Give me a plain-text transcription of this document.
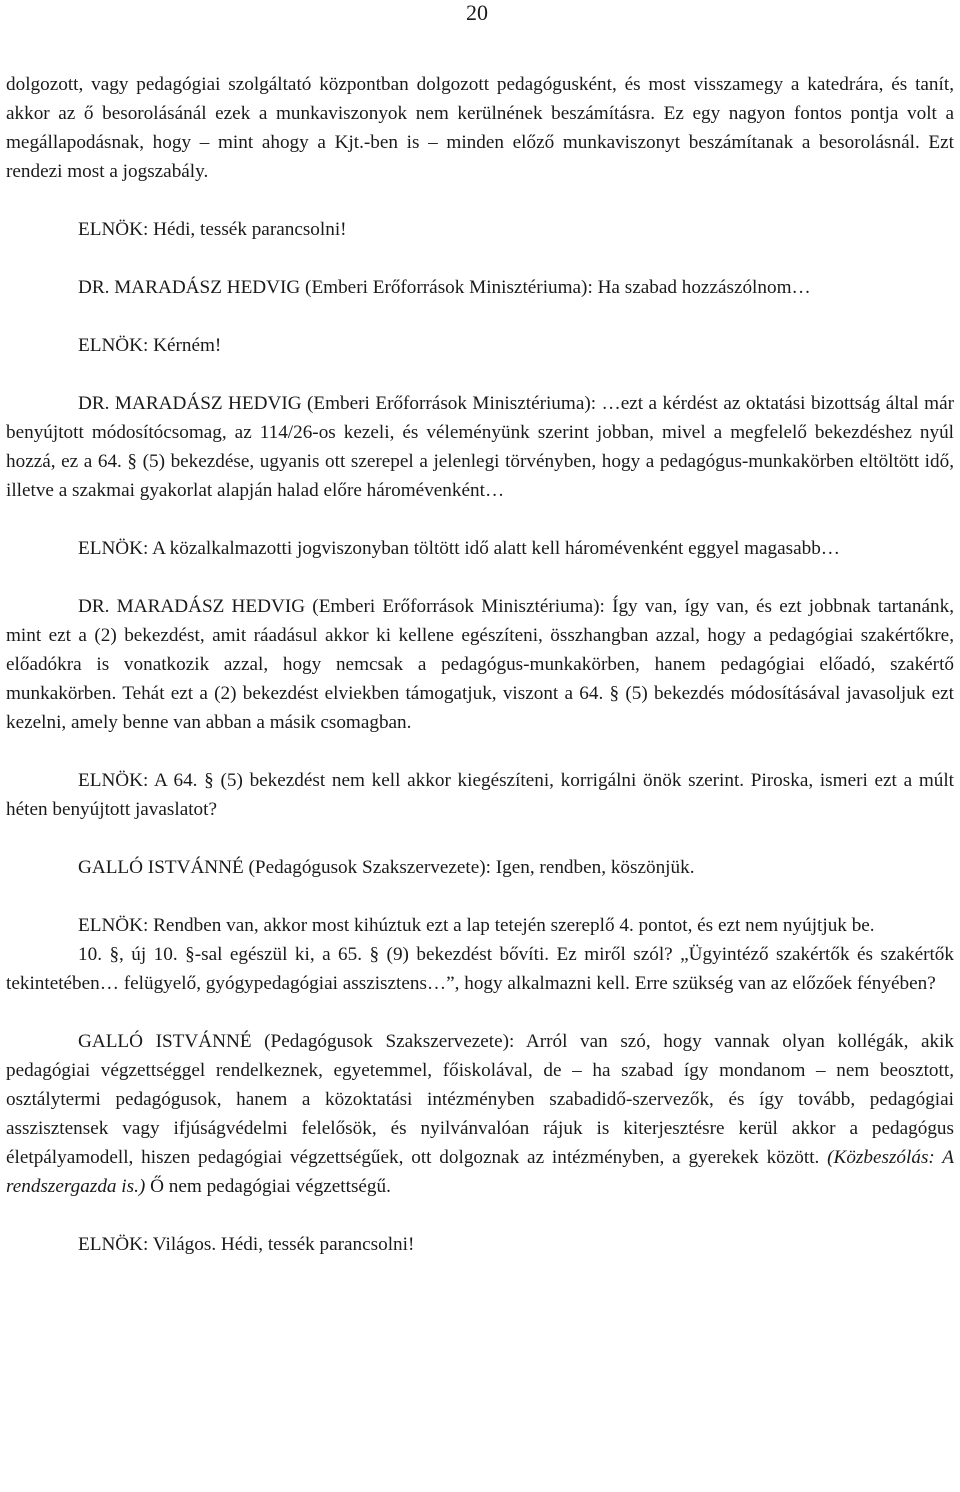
20

dolgozott, vagy pedagógiai szolgáltató központban dolgozott pedagógusként, és most visszamegy a katedrára, és tanít, akkor az ő besorolásánál ezek a munkaviszonyok nem kerülnének beszámításra. Ez egy nagyon fontos pontja volt a megállapodásnak, hogy – mint ahogy a Kjt.-ben is – minden előző munkaviszonyt beszámítanak a besorolásnál. Ezt rendezi most a jogszabály.

ELNÖK: Hédi, tessék parancsolni!

DR. MARADÁSZ HEDVIG (Emberi Erőforrások Minisztériuma): Ha szabad hozzászólnom…

ELNÖK: Kérném!

DR. MARADÁSZ HEDVIG (Emberi Erőforrások Minisztériuma): …ezt a kérdést az oktatási bizottság által már benyújtott módosítócsomag, az 114/26-os kezeli, és véleményünk szerint jobban, mivel a megfelelő bekezdéshez nyúl hozzá, ez a 64. § (5) bekezdése, ugyanis ott szerepel a jelenlegi törvényben, hogy a pedagógus-munkakörben eltöltött idő, illetve a szakmai gyakorlat alapján halad előre háromévenként…

ELNÖK: A közalkalmazotti jogviszonyban töltött idő alatt kell háromévenként eggyel magasabb…

DR. MARADÁSZ HEDVIG (Emberi Erőforrások Minisztériuma): Így van, így van, és ezt jobbnak tartanánk, mint ezt a (2) bekezdést, amit ráadásul akkor ki kellene egészíteni, összhangban azzal, hogy a pedagógiai szakértőkre, előadókra is vonatkozik azzal, hogy nemcsak a pedagógus-munkakörben, hanem pedagógiai előadó, szakértő munkakörben. Tehát ezt a (2) bekezdést elviekben támogatjuk, viszont a 64. § (5) bekezdés módosításával javasoljuk ezt kezelni, amely benne van abban a másik csomagban.

ELNÖK: A 64. § (5) bekezdést nem kell akkor kiegészíteni, korrigálni önök szerint. Piroska, ismeri ezt a múlt héten benyújtott javaslatot?

GALLÓ ISTVÁNNÉ (Pedagógusok Szakszervezete): Igen, rendben, köszönjük.

ELNÖK: Rendben van, akkor most kihúztuk ezt a lap tetején szereplő 4. pontot, és ezt nem nyújtjuk be.

10. §, új 10. §-sal egészül ki, a 65. § (9) bekezdést bővíti. Ez miről szól? „Ügyintéző szakértők és szakértők tekintetében… felügyelő, gyógypedagógiai asszisztens…”, hogy alkalmazni kell. Erre szükség van az előzőek fényében?

GALLÓ ISTVÁNNÉ (Pedagógusok Szakszervezete): Arról van szó, hogy vannak olyan kollégák, akik pedagógiai végzettséggel rendelkeznek, egyetemmel, főiskolával, de – ha szabad így mondanom – nem beosztott, osztálytermi pedagógusok, hanem a közoktatási intézményben szabadidő-szervezők, és így tovább, pedagógiai asszisztensek vagy ifjúságvédelmi felelősök, és nyilvánvalóan rájuk is kiterjesztésre kerül akkor a pedagógus életpályamodell, hiszen pedagógiai végzettségűek, ott dolgoznak az intézményben, a gyerekek között. (Közbeszólás: A rendszergazda is.) Ő nem pedagógiai végzettségű.

ELNÖK: Világos. Hédi, tessék parancsolni!
